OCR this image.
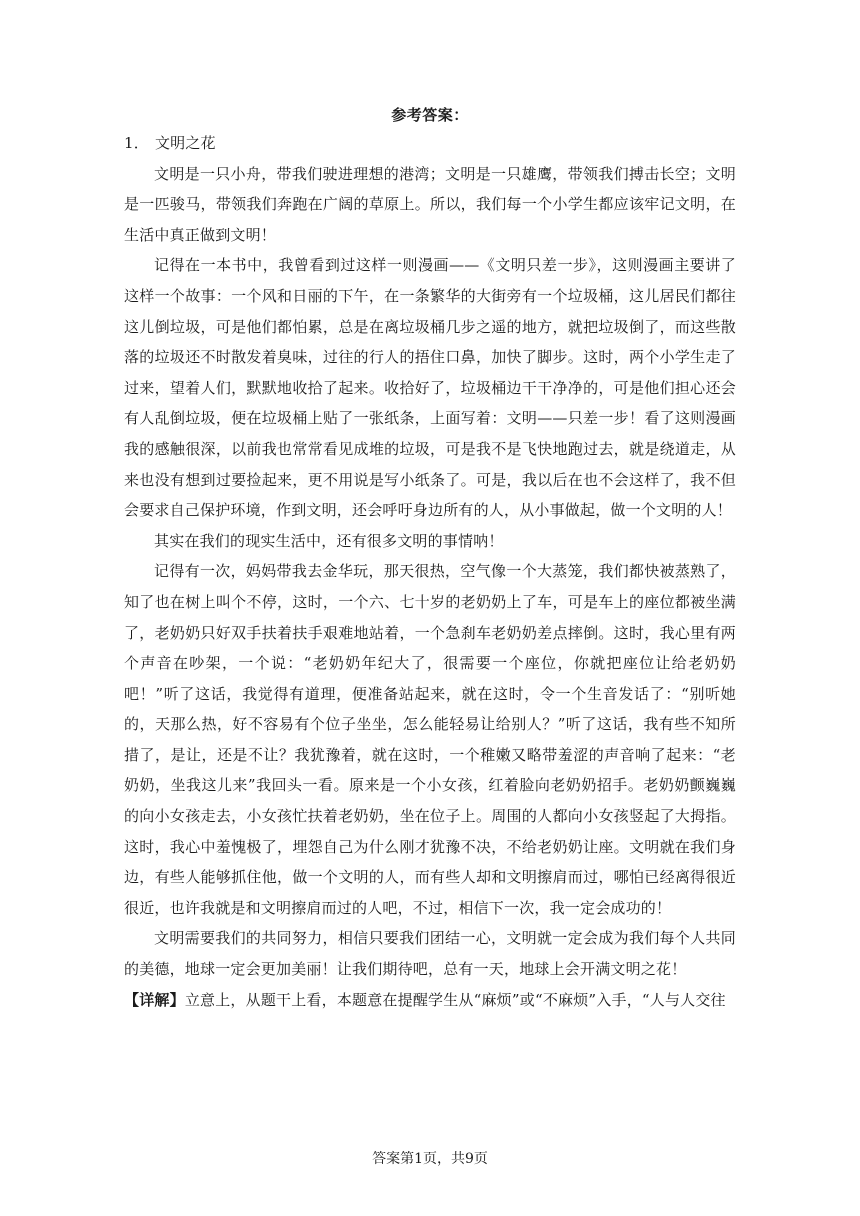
参考答案：

1． 文明之花

文明是一只小舟，带我们驶进理想的港湾；文明是一只雄鹰，带领我们搏击长空；文明是一匹骏马，带领我们奔跑在广阔的草原上。所以，我们每一个小学生都应该牢记文明，在生活中真正做到文明！

记得在一本书中，我曾看到过这样一则漫画——《文明只差一步》，这则漫画主要讲了这样一个故事：一个风和日丽的下午，在一条繁华的大街旁有一个垃圾桶，这儿居民们都往这儿倒垃圾，可是他们都怕累，总是在离垃圾桶几步之遥的地方，就把垃圾倒了，而这些散落的垃圾还不时散发着臭味，过往的行人的捂住口鼻，加快了脚步。这时，两个小学生走了过来，望着人们，默默地收拾了起来。收拾好了，垃圾桶边干干净净的，可是他们担心还会有人乱倒垃圾，便在垃圾桶上贴了一张纸条，上面写着：文明——只差一步！看了这则漫画我的感触很深，以前我也常常看见成堆的垃圾，可是我不是飞快地跑过去，就是绕道走，从来也没有想到过要捡起来，更不用说是写小纸条了。可是，我以后在也不会这样了，我不但会要求自己保护环境，作到文明，还会呼吁身边所有的人，从小事做起，做一个文明的人！

其实在我们的现实生活中，还有很多文明的事情呐！

记得有一次，妈妈带我去金华玩，那天很热，空气像一个大蒸笼，我们都快被蒸熟了，知了也在树上叫个不停，这时，一个六、七十岁的老奶奶上了车，可是车上的座位都被坐满了，老奶奶只好双手扶着扶手艰难地站着，一个急刹车老奶奶差点摔倒。这时，我心里有两个声音在吵架，一个说：“老奶奶年纪大了，很需要一个座位，你就把座位让给老奶奶吧！”听了这话，我觉得有道理，便准备站起来，就在这时，令一个生音发话了：“别听她的，天那么热，好不容易有个位子坐坐，怎么能轻易让给别人？”听了这话，我有些不知所措了，是让，还是不让？我犹豫着，就在这时，一个稚嫩又略带羞涩的声音响了起来：“老奶奶，坐我这儿来”我回头一看。原来是一个小女孩，红着脸向老奶奶招手。老奶奶颤巍巍的向小女孩走去，小女孩忙扶着老奶奶，坐在位子上。周围的人都向小女孩竖起了大拇指。这时，我心中羞愧极了，埋怨自己为什么刚才犹豫不决，不给老奶奶让座。文明就在我们身边，有些人能够抓住他，做一个文明的人，而有些人却和文明擦肩而过，哪怕已经离得很近很近，也许我就是和文明擦肩而过的人吧，不过，相信下一次，我一定会成功的！

文明需要我们的共同努力，相信只要我们团结一心，文明就一定会成为我们每个人共同的美德，地球一定会更加美丽！让我们期待吧，总有一天，地球上会开满文明之花！

【详解】立意上，从题干上看，本题意在提醒学生从“麻烦”或“不麻烦”入手，“人与人交往

答案第1页，共9页
